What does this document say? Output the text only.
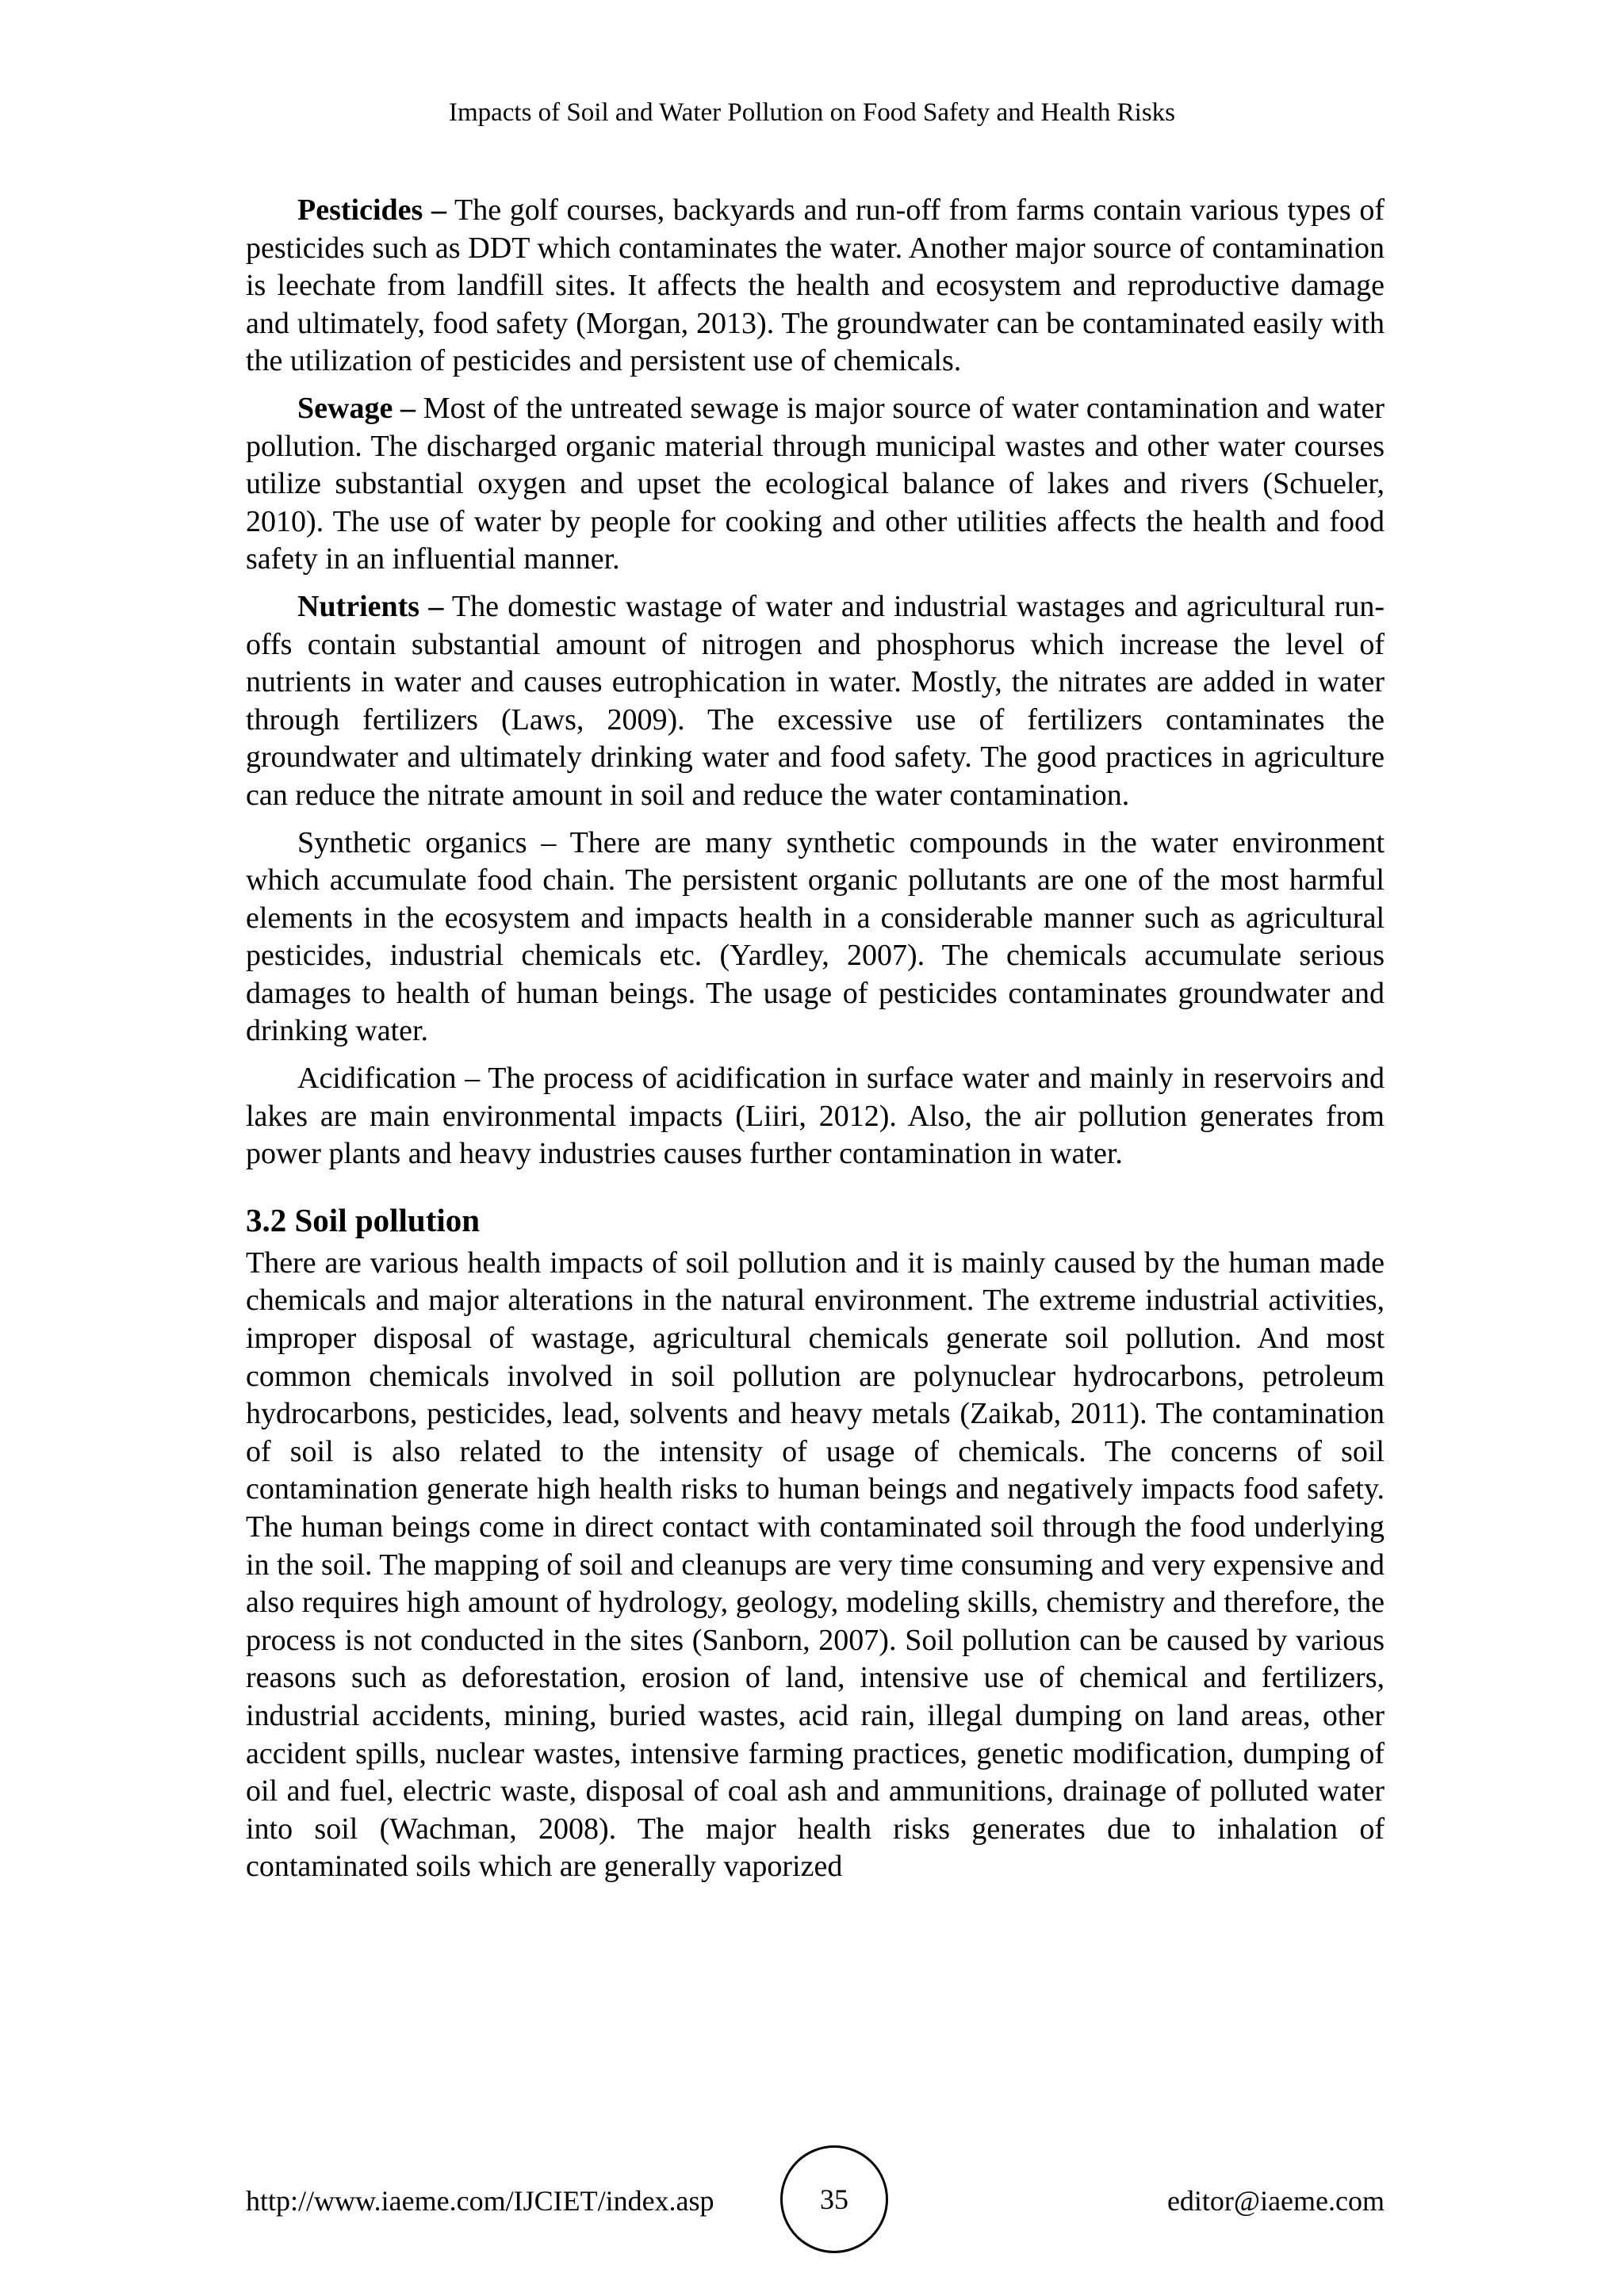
Impacts of Soil and Water Pollution on Food Safety and Health Risks

Pesticides – The golf courses, backyards and run-off from farms contain various types of pesticides such as DDT which contaminates the water. Another major source of contamination is leechate from landfill sites. It affects the health and ecosystem and reproductive damage and ultimately, food safety (Morgan, 2013). The groundwater can be contaminated easily with the utilization of pesticides and persistent use of chemicals.

Sewage – Most of the untreated sewage is major source of water contamination and water pollution. The discharged organic material through municipal wastes and other water courses utilize substantial oxygen and upset the ecological balance of lakes and rivers (Schueler, 2010). The use of water by people for cooking and other utilities affects the health and food safety in an influential manner.

Nutrients – The domestic wastage of water and industrial wastages and agricultural run-offs contain substantial amount of nitrogen and phosphorus which increase the level of nutrients in water and causes eutrophication in water. Mostly, the nitrates are added in water through fertilizers (Laws, 2009). The excessive use of fertilizers contaminates the groundwater and ultimately drinking water and food safety. The good practices in agriculture can reduce the nitrate amount in soil and reduce the water contamination.

Synthetic organics – There are many synthetic compounds in the water environment which accumulate food chain. The persistent organic pollutants are one of the most harmful elements in the ecosystem and impacts health in a considerable manner such as agricultural pesticides, industrial chemicals etc. (Yardley, 2007). The chemicals accumulate serious damages to health of human beings. The usage of pesticides contaminates groundwater and drinking water.

Acidification – The process of acidification in surface water and mainly in reservoirs and lakes are main environmental impacts (Liiri, 2012). Also, the air pollution generates from power plants and heavy industries causes further contamination in water.

3.2 Soil pollution

There are various health impacts of soil pollution and it is mainly caused by the human made chemicals and major alterations in the natural environment. The extreme industrial activities, improper disposal of wastage, agricultural chemicals generate soil pollution. And most common chemicals involved in soil pollution are polynuclear hydrocarbons, petroleum hydrocarbons, pesticides, lead, solvents and heavy metals (Zaikab, 2011). The contamination of soil is also related to the intensity of usage of chemicals. The concerns of soil contamination generate high health risks to human beings and negatively impacts food safety. The human beings come in direct contact with contaminated soil through the food underlying in the soil. The mapping of soil and cleanups are very time consuming and very expensive and also requires high amount of hydrology, geology, modeling skills, chemistry and therefore, the process is not conducted in the sites (Sanborn, 2007). Soil pollution can be caused by various reasons such as deforestation, erosion of land, intensive use of chemical and fertilizers, industrial accidents, mining, buried wastes, acid rain, illegal dumping on land areas, other accident spills, nuclear wastes, intensive farming practices, genetic modification, dumping of oil and fuel, electric waste, disposal of coal ash and ammunitions, drainage of polluted water into soil (Wachman, 2008). The major health risks generates due to inhalation of contaminated soils which are generally vaporized

http://www.iaeme.com/IJCIET/index.asp	35	editor@iaeme.com
